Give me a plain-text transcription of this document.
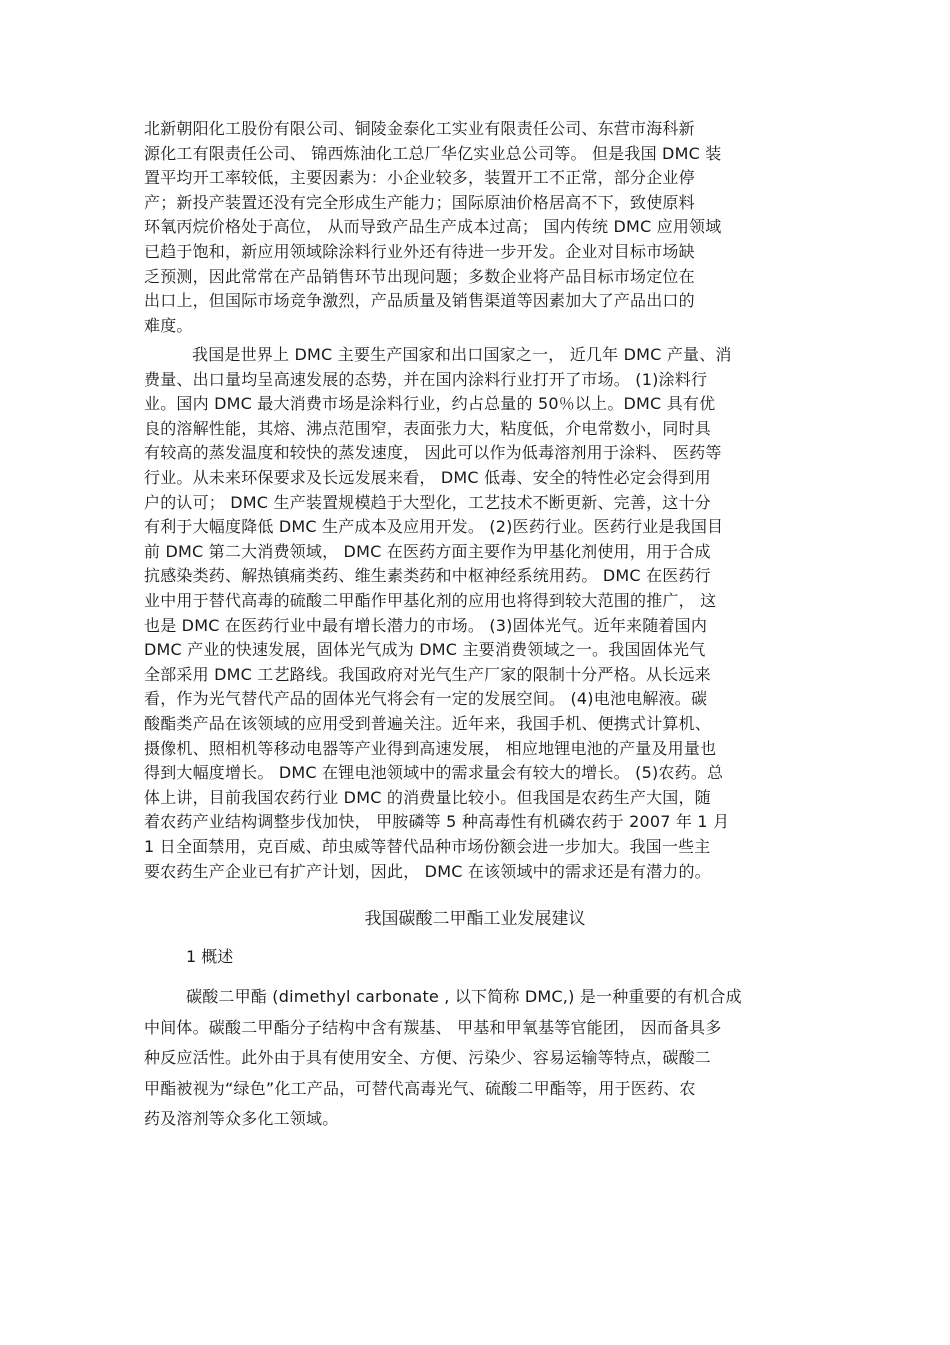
北新朝阳化工股份有限公司、铜陵金泰化工实业有限责任公司、东营市海科新
源化工有限责任公司、 锦西炼油化工总厂华亿实业总公司等。 但是我国 DMC 装
置平均开工率较低，主要因素为：小企业较多，装置开工不正常，部分企业停
产；新投产装置还没有完全形成生产能力；国际原油价格居高不下，致使原料
环氧丙烷价格处于高位， 从而导致产品生产成本过高； 国内传统 DMC 应用领域
已趋于饱和，新应用领域除涂料行业外还有待进一步开发。企业对目标市场缺
乏预测，因此常常在产品销售环节出现问题；多数企业将产品目标市场定位在
出口上，但国际市场竞争激烈，产品质量及销售渠道等因素加大了产品出口的
难度。
我国是世界上 DMC 主要生产国家和出口国家之一， 近几年 DMC 产量、消
费量、出口量均呈高速发展的态势，并在国内涂料行业打开了市场。 (1)涂料行
业。国内 DMC 最大消费市场是涂料行业，约占总量的 50％以上。DMC 具有优
良的溶解性能，其熔、沸点范围窄，表面张力大，粘度低，介电常数小，同时具
有较高的蒸发温度和较快的蒸发速度， 因此可以作为低毒溶剂用于涂料、 医药等
行业。从未来环保要求及长远发展来看， DMC 低毒、安全的特性必定会得到用
户的认可； DMC 生产装置规模趋于大型化，工艺技术不断更新、完善，这十分
有利于大幅度降低 DMC 生产成本及应用开发。 (2)医药行业。医药行业是我国目
前 DMC 第二大消费领域， DMC 在医药方面主要作为甲基化剂使用，用于合成
抗感染类药、解热镇痛类药、维生素类药和中枢神经系统用药。 DMC 在医药行
业中用于替代高毒的硫酸二甲酯作甲基化剂的应用也将得到较大范围的推广， 这
也是 DMC 在医药行业中最有增长潜力的市场。 (3)固体光气。近年来随着国内
DMC 产业的快速发展，固体光气成为 DMC 主要消费领域之一。我国固体光气
全部采用 DMC 工艺路线。我国政府对光气生产厂家的限制十分严格。从长远来
看，作为光气替代产品的固体光气将会有一定的发展空间。 (4)电池电解液。碳
酸酯类产品在该领域的应用受到普遍关注。近年来，我国手机、便携式计算机、
摄像机、照相机等移动电器等产业得到高速发展， 相应地锂电池的产量及用量也
得到大幅度增长。 DMC 在锂电池领域中的需求量会有较大的增长。 (5)农药。总
体上讲，目前我国农药行业 DMC 的消费量比较小。但我国是农药生产大国，随
着农药产业结构调整步伐加快， 甲胺磷等 5 种高毒性有机磷农药于 2007 年 1 月
1 日全面禁用，克百威、茚虫威等替代品种市场份额会进一步加大。我国一些主
要农药生产企业已有扩产计划，因此， DMC 在该领域中的需求还是有潜力的。
我国碳酸二甲酯工业发展建议
1 概述
碳酸二甲酯 (dimethyl carbonate , 以下简称 DMC,) 是一种重要的有机合成
中间体。碳酸二甲酯分子结构中含有羰基、 甲基和甲氧基等官能团， 因而备具多
种反应活性。此外由于具有使用安全、方便、污染少、容易运输等特点，碳酸二
甲酯被视为“绿色”化工产品，可替代高毒光气、硫酸二甲酯等，用于医药、农
药及溶剂等众多化工领域。
